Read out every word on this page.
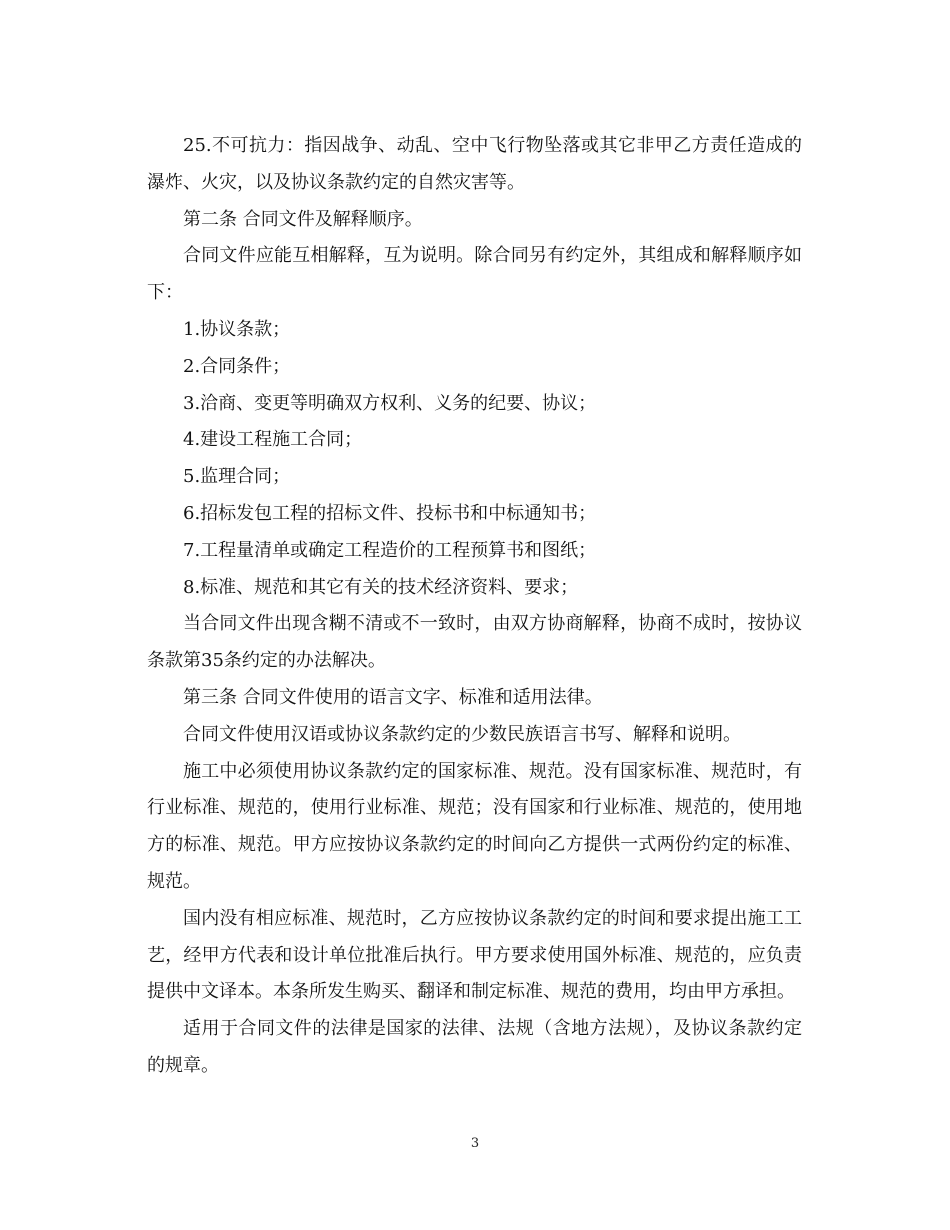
25.不可抗力：指因战争、动乱、空中飞行物坠落或其它非甲乙方责任造成的瀑炸、火灾，以及协议条款约定的自然灾害等。

第二条 合同文件及解释顺序。

合同文件应能互相解释，互为说明。除合同另有约定外，其组成和解释顺序如下：

1.协议条款；

2.合同条件；

3.洽商、变更等明确双方权利、义务的纪要、协议；

4.建设工程施工合同；

5.监理合同；

6.招标发包工程的招标文件、投标书和中标通知书；

7.工程量清单或确定工程造价的工程预算书和图纸；

8.标准、规范和其它有关的技术经济资料、要求；

当合同文件出现含糊不清或不一致时，由双方协商解释，协商不成时，按协议条款第35条约定的办法解决。

第三条 合同文件使用的语言文字、标准和适用法律。

合同文件使用汉语或协议条款约定的少数民族语言书写、解释和说明。

施工中必须使用协议条款约定的国家标准、规范。没有国家标准、规范时，有行业标准、规范的，使用行业标准、规范；没有国家和行业标准、规范的，使用地方的标准、规范。甲方应按协议条款约定的时间向乙方提供一式两份约定的标准、规范。

国内没有相应标准、规范时，乙方应按协议条款约定的时间和要求提出施工工艺，经甲方代表和设计单位批准后执行。甲方要求使用国外标准、规范的，应负责提供中文译本。本条所发生购买、翻译和制定标准、规范的费用，均由甲方承担。

适用于合同文件的法律是国家的法律、法规（含地方法规），及协议条款约定的规章。

3
